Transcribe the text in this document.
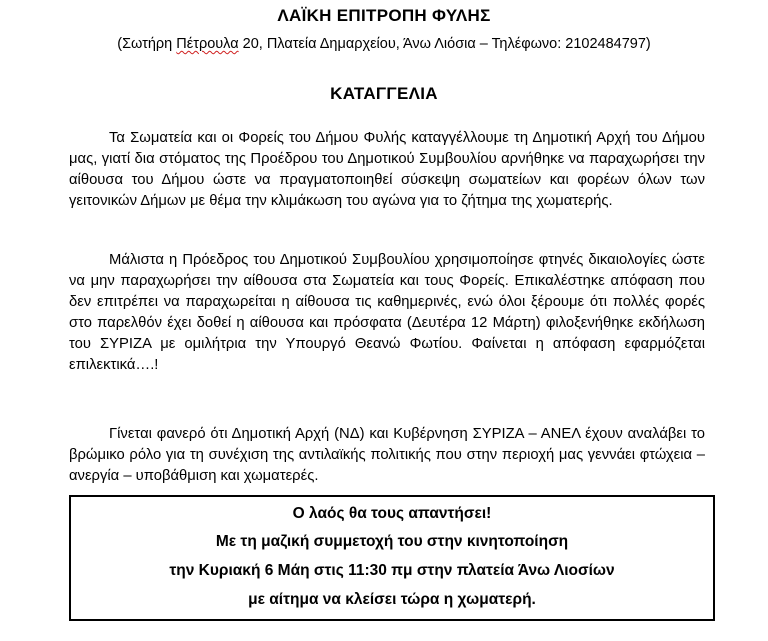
ΛΑΪΚΗ ΕΠΙΤΡΟΠΗ ΦΥΛΗΣ
(Σωτήρη Πέτρουλα 20, Πλατεία Δημαρχείου, Άνω Λιόσια – Τηλέφωνο: 2102484797)
ΚΑΤΑΓΓΕΛΙΑ

Τα Σωματεία και οι Φορείς του Δήμου Φυλής καταγγέλλουμε τη Δημοτική Αρχή του Δήμου μας, γιατί δια στόματος της Προέδρου του Δημοτικού Συμβουλίου αρνήθηκε να παραχωρήσει την αίθουσα του Δήμου ώστε να πραγματοποιηθεί σύσκεψη σωματείων και φορέων όλων των γειτονικών Δήμων με θέμα την κλιμάκωση του αγώνα για το ζήτημα της χωματερής.

Μάλιστα η Πρόεδρος του Δημοτικού Συμβουλίου χρησιμοποίησε φτηνές δικαιολογίες ώστε να μην παραχωρήσει την αίθουσα στα Σωματεία και τους Φορείς. Επικαλέστηκε απόφαση που δεν επιτρέπει να παραχωρείται η αίθουσα τις καθημερινές, ενώ όλοι ξέρουμε ότι πολλές φορές στο παρελθόν έχει δοθεί η αίθουσα και πρόσφατα (Δευτέρα 12 Μάρτη) φιλοξενήθηκε εκδήλωση του ΣΥΡΙΖΑ με ομιλήτρια την Υπουργό Θεανώ Φωτίου. Φαίνεται η απόφαση εφαρμόζεται επιλεκτικά….!

Γίνεται φανερό ότι Δημοτική Αρχή (ΝΔ) και Κυβέρνηση ΣΥΡΙΖΑ – ΑΝΕΛ έχουν αναλάβει το βρώμικο ρόλο για τη συνέχιση της αντιλαϊκής πολιτικής που στην περιοχή μας γεννάει φτώχεια – ανεργία – υποβάθμιση και χωματερές.

Ο λαός θα τους απαντήσει!
Με τη μαζική συμμετοχή του στην κινητοποίηση
την Κυριακή 6 Μάη στις 11:30 πμ στην πλατεία Άνω Λιοσίων
με αίτημα να κλείσει τώρα η χωματερή.
